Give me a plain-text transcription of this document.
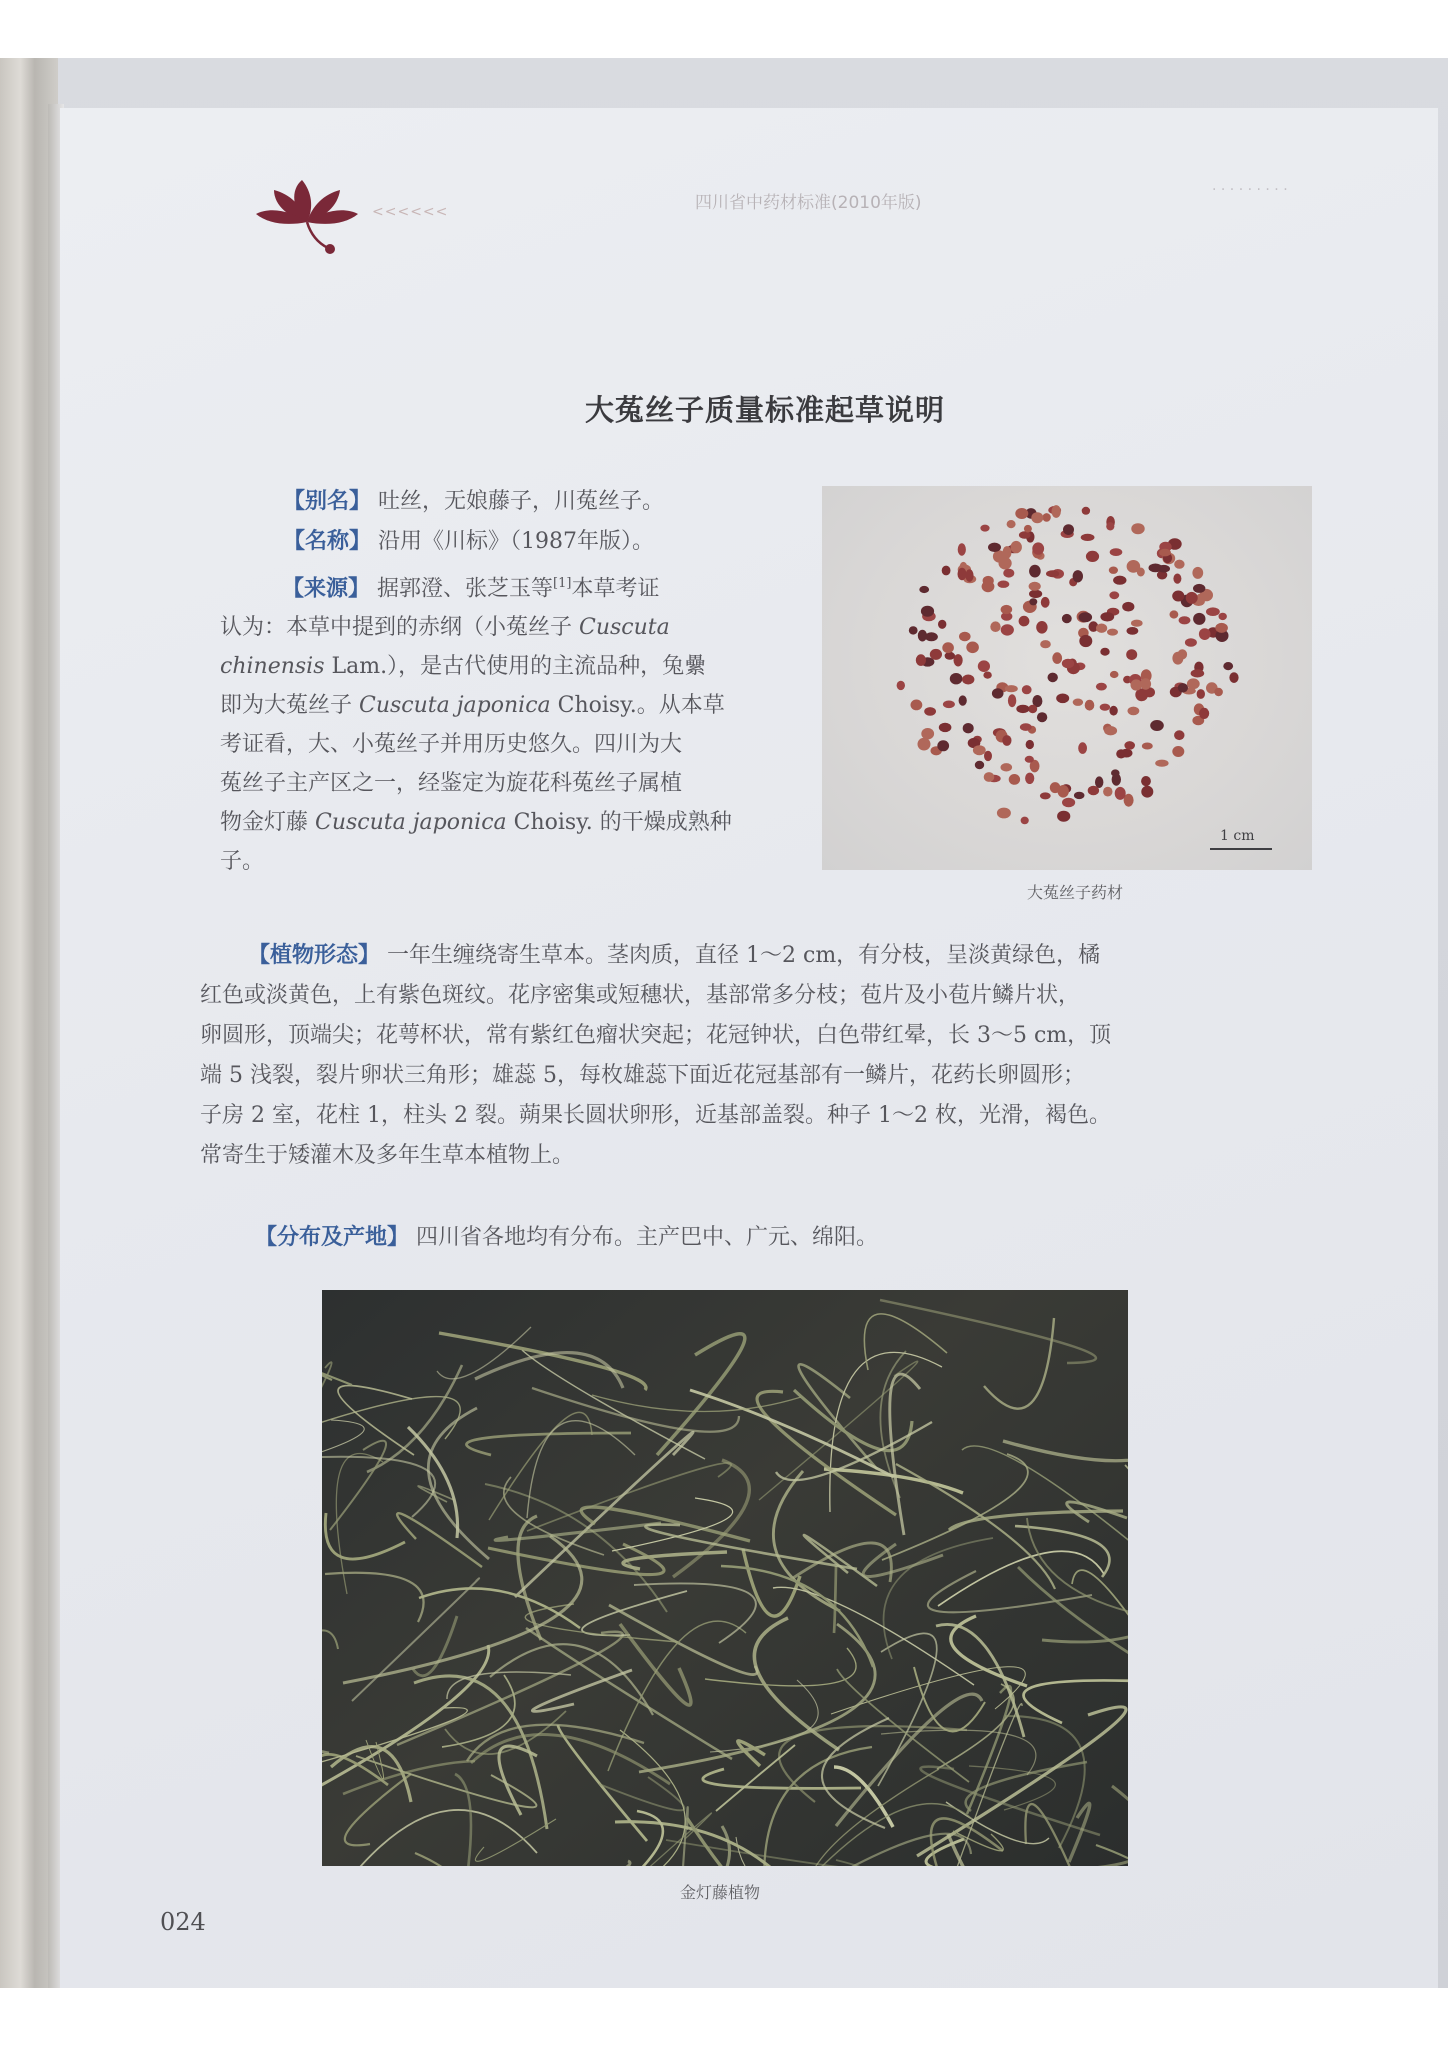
<<<<<<	四川省中药材标准(2010年版)
· · · · · · · · ·
大菟丝子质量标准起草说明
【别名】 吐丝，无娘藤子，川菟丝子。
【名称】 沿用《川标》（1987年版）。
【来源】 据郭澄、张芝玉等[1]本草考证
认为：本草中提到的赤纲（小菟丝子 Cuscuta
chinensis Lam.），是古代使用的主流品种，兔纍
即为大菟丝子 Cuscuta japonica Choisy.。从本草
考证看，大、小菟丝子并用历史悠久。四川为大
菟丝子主产区之一，经鉴定为旋花科菟丝子属植
物金灯藤 Cuscuta japonica Choisy. 的干燥成熟种
子。
1 cm
大菟丝子药材
【植物形态】 一年生缠绕寄生草本。茎肉质，直径 1～2 cm，有分枝，呈淡黄绿色，橘
红色或淡黄色，上有紫色斑纹。花序密集或短穗状，基部常多分枝；苞片及小苞片鳞片状，
卵圆形，顶端尖；花萼杯状，常有紫红色瘤状突起；花冠钟状，白色带红晕，长 3～5 cm，顶
端 5 浅裂，裂片卵状三角形；雄蕊 5，每枚雄蕊下面近花冠基部有一鳞片，花药长卵圆形；
子房 2 室，花柱 1，柱头 2 裂。蒴果长圆状卵形，近基部盖裂。种子 1～2 枚，光滑，褐色。
常寄生于矮灌木及多年生草本植物上。
【分布及产地】 四川省各地均有分布。主产巴中、广元、绵阳。
金灯藤植物
024
